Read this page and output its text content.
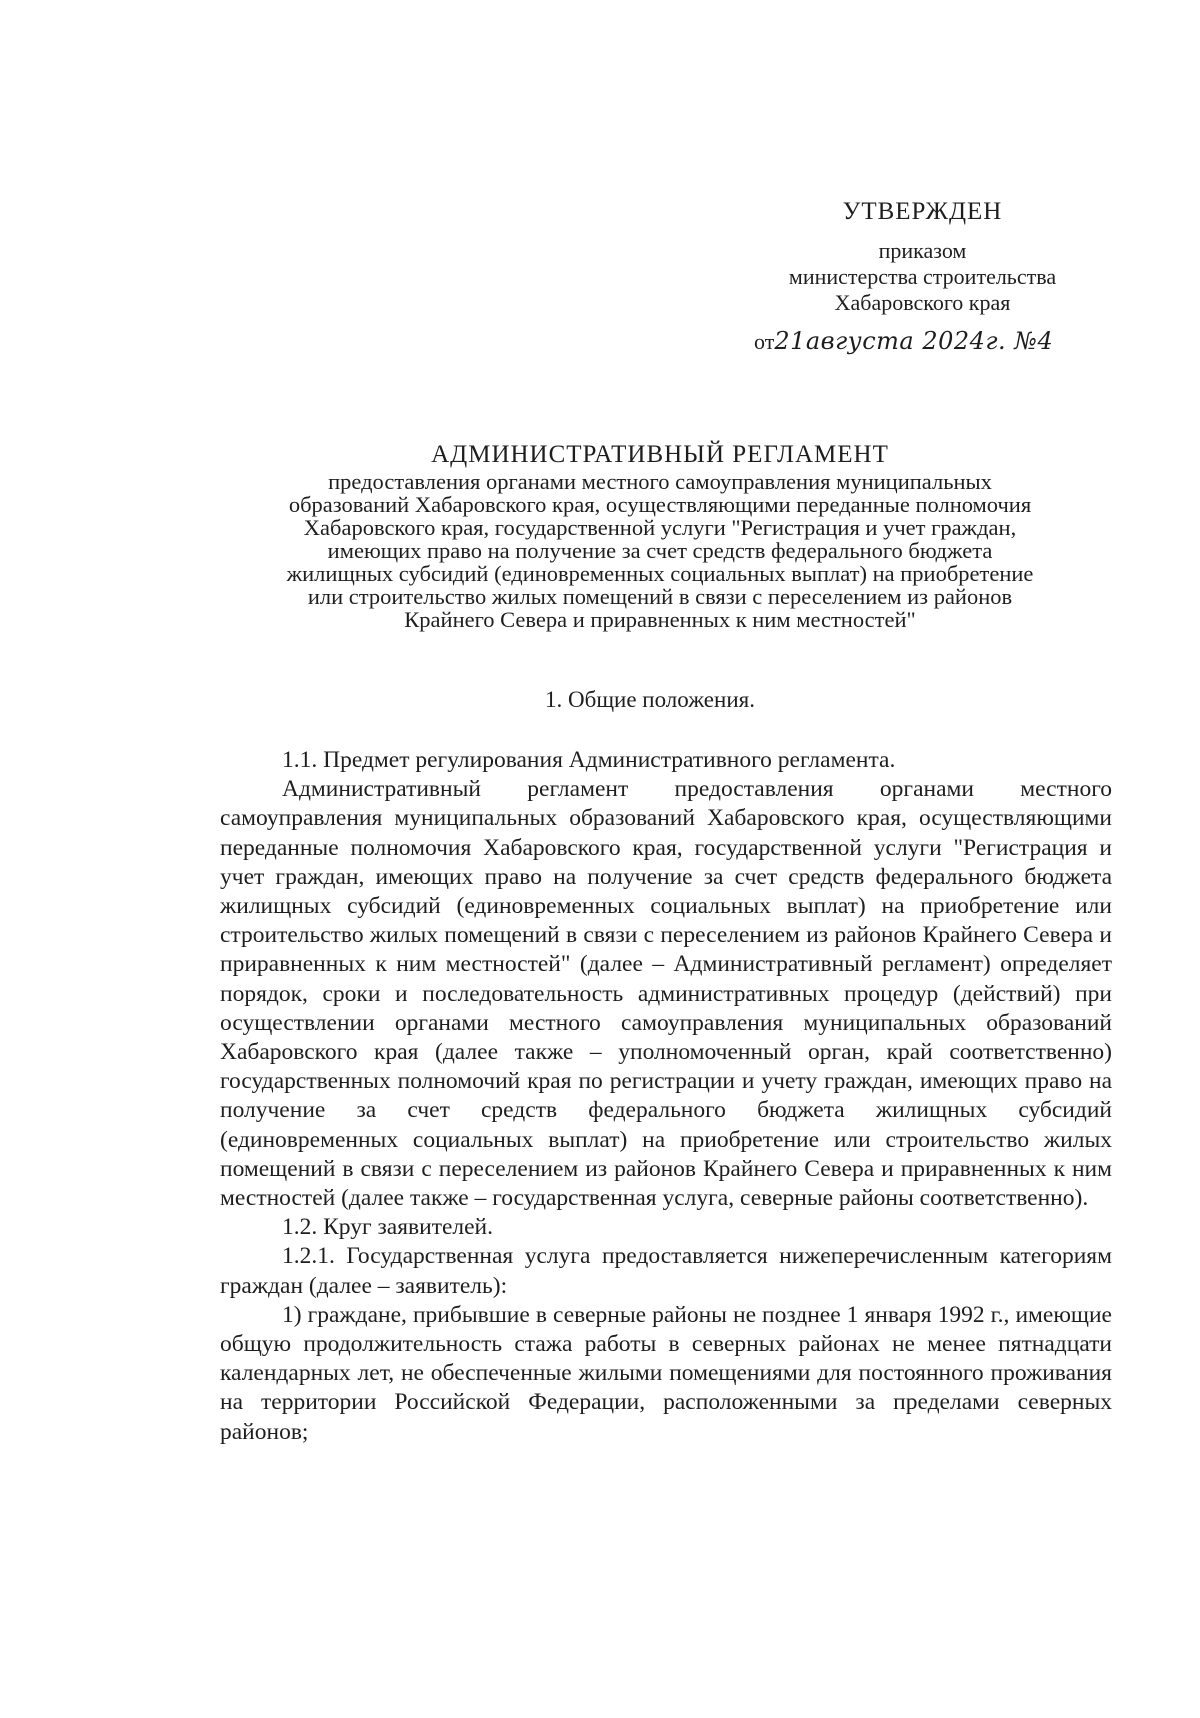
УТВЕРЖДЕН
приказом
министерства строительства
Хабаровского края
от21августа 2024г. №4
АДМИНИСТРАТИВНЫЙ РЕГЛАМЕНТ
предоставления органами местного самоуправления муниципальных
образований Хабаровского края, осуществляющими переданные полномочия
Хабаровского края, государственной услуги "Регистрация и учет граждан,
имеющих право на получение за счет средств федерального бюджета
жилищных субсидий (единовременных социальных выплат) на приобретение
или строительство жилых помещений в связи с переселением из районов
Крайнего Севера и приравненных к ним местностей"
1. Общие положения.

1.1. Предмет регулирования Административного регламента.

Административный регламент предоставления органами местного самоуправления муниципальных образований Хабаровского края, осуществляющими переданные полномочия Хабаровского края, государственной услуги "Регистрация и учет граждан, имеющих право на получение за счет средств федерального бюджета жилищных субсидий (единовременных социальных выплат) на приобретение или строительство жилых помещений в связи с переселением из районов Крайнего Севера и приравненных к ним местностей" (далее – Административный регламент) определяет порядок, сроки и последовательность административных процедур (действий) при осуществлении органами местного самоуправления муниципальных образований Хабаровского края (далее также – уполномоченный орган, край соответственно) государственных полномочий края по регистрации и учету граждан, имеющих право на получение за счет средств федерального бюджета жилищных субсидий (единовременных социальных выплат) на приобретение или строительство жилых помещений в связи с переселением из районов Крайнего Севера и приравненных к ним местностей (далее также – государственная услуга, северные районы соответственно).

1.2. Круг заявителей.

1.2.1. Государственная услуга предоставляется нижеперечисленным категориям граждан (далее – заявитель):

1) граждане, прибывшие в северные районы не позднее 1 января 1992 г., имеющие общую продолжительность стажа работы в северных районах не менее пятнадцати календарных лет, не обеспеченные жилыми помещениями для постоянного проживания на территории Российской Федерации, расположенными за пределами северных районов;
